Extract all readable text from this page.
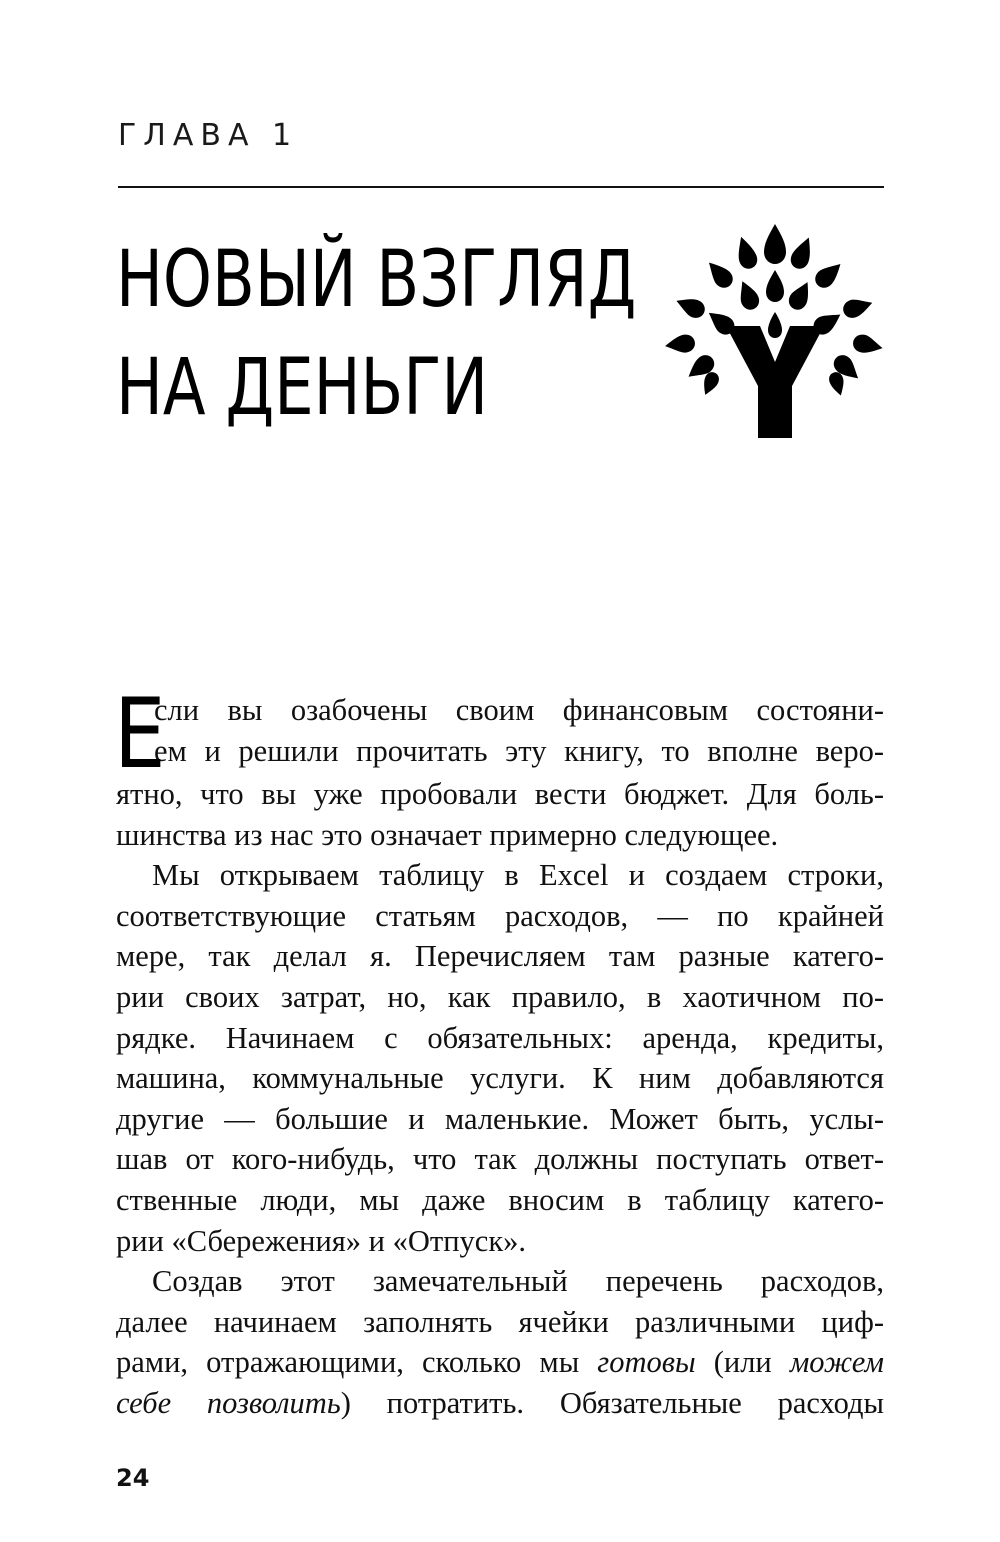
ГЛАВА 1

НОВЫЙ ВЗГЛЯД
НА ДЕНЬГИ
Е
сли вы озабочены своим финансовым состояни-
ем и решили прочитать эту книгу, то вполне веро-
ятно, что вы уже пробовали вести бюджет. Для боль-
шинства из нас это означает примерно следующее.
Мы открываем таблицу в Excel и создаем строки,
соответствующие статьям расходов, — по крайней
мере, так делал я. Перечисляем там разные катего-
рии своих затрат, но, как правило, в хаотичном по-
рядке. Начинаем с обязательных: аренда, кредиты,
машина, коммунальные услуги. К ним добавляются
другие — большие и маленькие. Может быть, услы-
шав от кого-нибудь, что так должны поступать ответ-
ственные люди, мы даже вносим в таблицу катего-
рии «Сбережения» и «Отпуск».
Создав этот замечательный перечень расходов,
далее начинаем заполнять ячейки различными циф-
рами, отражающими, сколько мы готовы (или можем
себе позволить) потратить. Обязательные расходы

24
